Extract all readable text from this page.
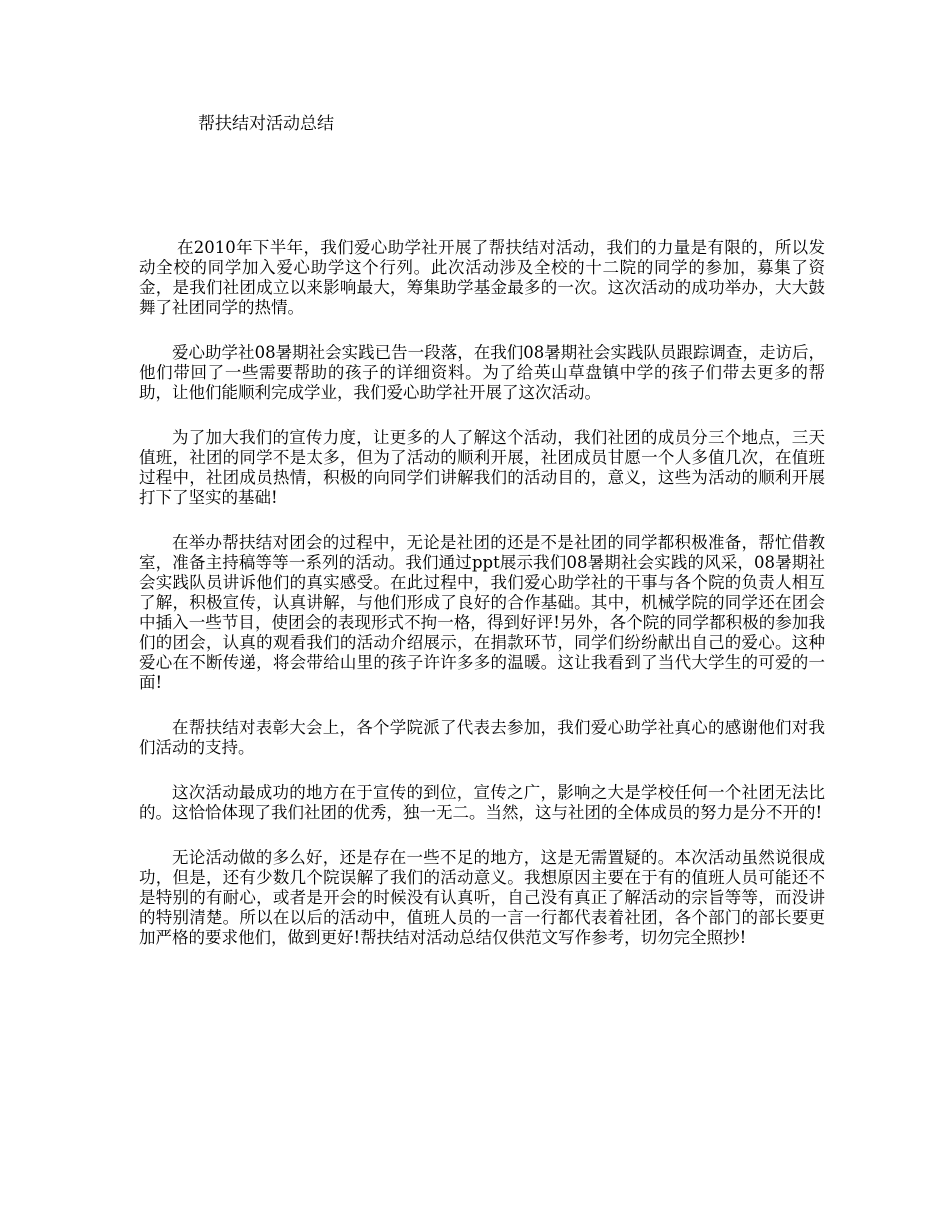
帮扶结对活动总结

在2010年下半年，我们爱心助学社开展了帮扶结对活动，我们的力量是有限的，所以发动全校的同学加入爱心助学这个行列。此次活动涉及全校的十二院的同学的参加，募集了资金，是我们社团成立以来影响最大，筹集助学基金最多的一次。这次活动的成功举办，大大鼓舞了社团同学的热情。

爱心助学社08暑期社会实践已告一段落，在我们08暑期社会实践队员跟踪调查，走访后，他们带回了一些需要帮助的孩子的详细资料。为了给英山草盘镇中学的孩子们带去更多的帮助，让他们能顺利完成学业，我们爱心助学社开展了这次活动。

为了加大我们的宣传力度，让更多的人了解这个活动，我们社团的成员分三个地点，三天值班，社团的同学不是太多，但为了活动的顺利开展，社团成员甘愿一个人多值几次，在值班过程中，社团成员热情，积极的向同学们讲解我们的活动目的，意义，这些为活动的顺利开展打下了坚实的基础!

在举办帮扶结对团会的过程中，无论是社团的还是不是社团的同学都积极准备，帮忙借教室，准备主持稿等等一系列的活动。我们通过ppt展示我们08暑期社会实践的风采，08暑期社会实践队员讲诉他们的真实感受。在此过程中，我们爱心助学社的干事与各个院的负责人相互了解，积极宣传，认真讲解，与他们形成了良好的合作基础。其中，机械学院的同学还在团会中插入一些节目，使团会的表现形式不拘一格，得到好评!另外，各个院的同学都积极的参加我们的团会，认真的观看我们的活动介绍展示，在捐款环节，同学们纷纷献出自己的爱心。这种爱心在不断传递，将会带给山里的孩子许许多多的温暖。这让我看到了当代大学生的可爱的一面!

在帮扶结对表彰大会上，各个学院派了代表去参加，我们爱心助学社真心的感谢他们对我们活动的支持。

这次活动最成功的地方在于宣传的到位，宣传之广，影响之大是学校任何一个社团无法比的。这恰恰体现了我们社团的优秀，独一无二。当然，这与社团的全体成员的努力是分不开的!

无论活动做的多么好，还是存在一些不足的地方，这是无需置疑的。本次活动虽然说很成功，但是，还有少数几个院误解了我们的活动意义。我想原因主要在于有的值班人员可能还不是特别的有耐心，或者是开会的时候没有认真听，自己没有真正了解活动的宗旨等等，而没讲的特别清楚。所以在以后的活动中，值班人员的一言一行都代表着社团，各个部门的部长要更加严格的要求他们，做到更好!帮扶结对活动总结仅供范文写作参考，切勿完全照抄!
